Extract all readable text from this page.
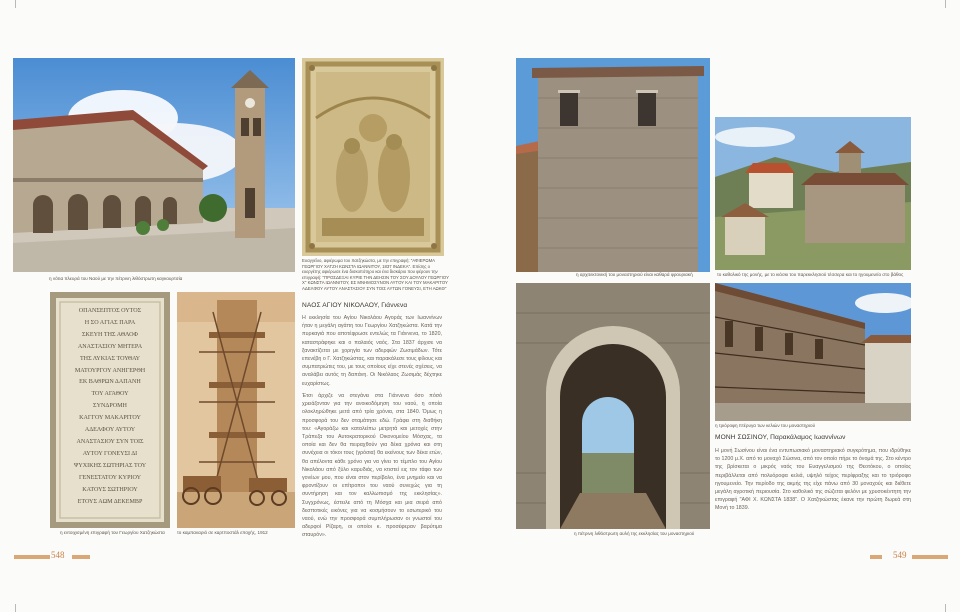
η νότια πλευρά του Ναού με την πέτρινη λιθόστρωτη καγκουρτσία
Ευαγγέλιο, αφιέρωμα του Χατζηκώστα, με την επιγραφή: "ΑΦΙΕΡΩΜΑ ΓΕΩΡΓΙΟΥ ΧΑΤΖΗ ΚΩΝΣΤΑ ΙΩΑΝΝΙΤΟΥ, 1837 ΙΝΔΕΚΑ". Επίσης ο ευεργέτης αφιέρωσε ένα δισκοπότηρο και ένα δισκάριο που φέρουν την επιγραφή: "ΠΡΟΣΔΕΞΑΙ ΚΥΡΙΕ ΤΗΝ ΔΕΗΣΙΝ ΤΟΥ ΣΟΥ ΔΟΥΛΟΥ ΓΕΩΡΓΙΟΥ Χ" ΚΩΝΣΤΑ ΙΩΑΝΝΙΤΟΥ, ΕΣ ΜΝΗΜΟΣΥΝΟΝ ΑΥΤΟΥ ΚΑΙ ΤΟΥ ΜΑΚΑΡΙΤΟΥ ΑΔΕΛΦΟΥ ΑΥΤΟΥ ΑΝΑΣΤΑΣΙΟΥ ΣΥΝ ΤΟΙΣ ΑΥΤΩΝ ΓΟΝΕΥΣΙ, ΕΤΗ ΑΩΚΘ"
ΟΠΑΝΣΕΠΤΟΣ ΟΥΤΟΣ
Η ΣΟ ΑΓΙΑΣ ΠΑΡΑ
ΣΚΕΥΗ ΤΗΣ ΑΘΛΟΦ
ΑΝΑΣΤΑΣΙΟΥ ΜΗΤΕΡΑ
ΤΗΣ ΛΥΚΙΑΣ ΤΟΥΘΑΥ
ΜΑΤΟΥΡΓΟΥ ΑΝΗΓΕΡΘΗ
ΕΚ ΒΑΘΡΩΝ ΔΑΠΑΝΗ
ΤΟΥ ΑΓΑΘΟΥ
ΣΥΝΔΡΟΜΗ
ΚΑΓΓΟΥ ΜΑΚΑΡΙΤΟΥ
ΑΔΕΛΦΟΥ ΑΥΤΟΥ
ΑΝΑΣΤΑΣΙΟΥ ΣΥΝ ΤΟΙΣ
ΑΥΤΟΥ ΓΟΝΕΥΣΙ ΔΙ
ΨΥΧΙΚΗΣ ΣΩΤΗΡΙΑΣ ΤΟΥ
ΓΕΝΕΣΤΑΤΟΥ ΚΥΡΙΟΥ
ΚΑΤΟΥΣ ΣΩΤΗΡΙΟΥ
ΕΤΟΥΣ ΑΩΜ ΔΕΚΕΜΒΡ
η εντοιχισμένη επιγραφή του Γεωργίου Χατζηκώστα	το καμπαναριό σε καρτποστάλ εποχής, 1912
ΝΑΟΣ ΑΓΙΟΥ ΝΙΚΟΛΑΟΥ, Γιάννενα
Η εκκλησία του Αγίου Νικολάου Αγοράς των Ιωαννίνων ήταν η μεγάλη αγάπη του Γεωργίου Χατζηκώστα. Κατά την πυρκαγιά που αποτέφρωσε εντελώς τα Γιάννενα, το 1820, καταστράφηκε και ο παλαιός ναός. Στα 1837 άρχισε να ξανακτίζεται με χορηγία των αδερφών Ζωσιμάδων. Τότε επενέβη ο Γ. Χατζηκώστας, και παρακάλεσε τους φίλους και συμπατριώτες του, με τους οποίους είχε στενές σχέσεις, να αναλάβει αυτός τη δαπάνη. Οι Νικόλαος Ζωσιμάς δέχτηκε ευχαρίστως.
Έτσι άρχιζε να στεγάνει στα Γιάννενα όσο πόσό χρειάζονταν για την ανοικοδόμηση του ναού, η οποία ολοκληρώθηκε μετά από τρία χρόνια, στα 1840. Όμως η προσφορά του δεν σταμάτησε εδώ. Γράφει στη διαθήκη του: «Αγοράζω και καταλείπω μετρητά και μετοχές στην Τράπεζα του Αυτοκρατορικού Οικονομείου Μόσχας, τα οποία και δεν θα πειραχθούν για δέκα χρόνια και στη συνέχεια οι τόκοι τους (γρόσια) θα εκείνους των δέκα ετών, θα απέλοντα κάθε χρόνο για να γίνει το τέμπλο του Αγίου Νικολάου από ξύλο καρυδιάς, να κτιστεί εις τον τάφο των γονέων μου, που είναι στον περίβολο, ένα μνημείο και να φροντίζουν οι επίτροποι του ναού συνεχώς για τη συντήρηση και τον καλλωπισμό της εκκλησίας». Συγχρόνως, έστειλε από τη Μόσχα και μια σειρά από δεσποτικές εικόνες για να κοσμήσουν το εσωτερικό του ναού, ενώ την προσφορά συμπλήρωσαν οι γνωστοί του αδερφοί Ρίζαρη, οι οποίοι κ. προσέφεραν βαρύτιμα σταυρόν».
548
η αρχιτεκτονική του μοναστηριού είναι καθαρά φρουριακή	το καθολικό της μονής, με το κιόσκι του παρεκκλησιού τέσσερα και το ηγουμενείο στο βάθος
η πέτρινη λιθόστρωτη αυλή της εκκλησίας του μοναστηριού
η τριόροφη πτέρυγα των κελιών του μοναστηριού
ΜΟΝΗ ΣΩΣΙΝΟΥ, Παρακάλαμος Ιωαννίνων
Η μονή Σωσίνου είναι ένα εντυπωσιακό μοναστηριακό συγκρότημα, που ιδρύθηκε το 1200 μ.Χ. από το μοναχό Σώσινα, από τον οποίο πήρε το όνομά της. Στο κέντρο της βρίσκεται ο μικρός ναός του Ευαγγελισμού της Θεοτόκου, ο οποίος περιβάλλεται από πολυόροφα κελιά, υψηλό τείχος περίφραξης και το τριόροφο ηγουμενείο. Την περίοδο της ακμής της είχε πάνω από 30 μοναχούς και διέθετε μεγάλη αγροτική περιουσία. Στο καθολικό της σώζεται φελόνι με χρυσοκέντητη την επιγραφή "ΑΦΙ Χ. ΚΩΝΣΤΑ 1838". Ο Χατζηκώστας έκανε την πρώτη δωρεά στη Μονή το 1839.
549
